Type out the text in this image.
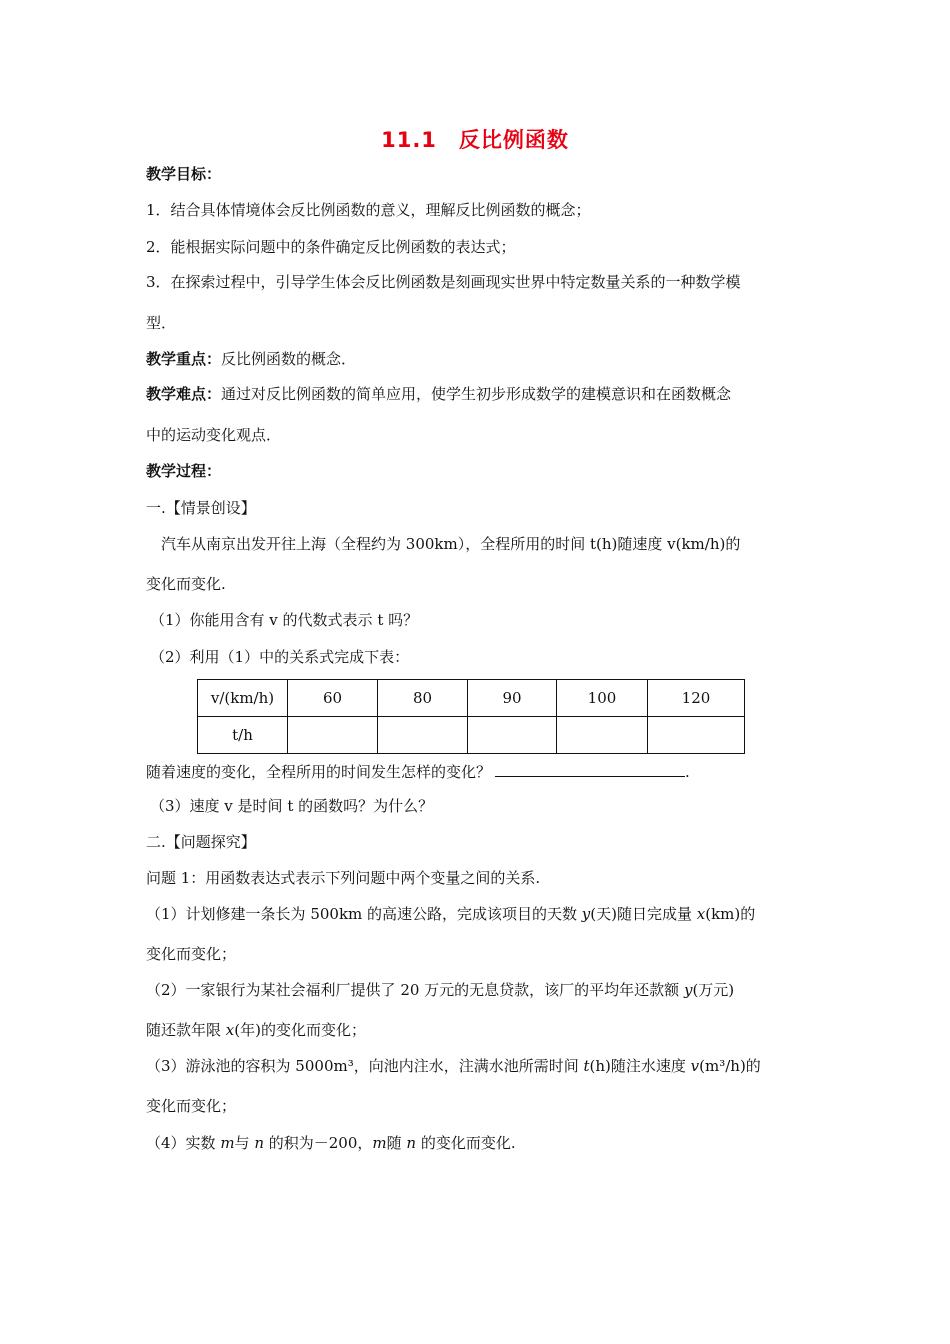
11.1　反比例函数
教学目标：
1．结合具体情境体会反比例函数的意义，理解反比例函数的概念；
2．能根据实际问题中的条件确定反比例函数的表达式；
3．在探索过程中，引导学生体会反比例函数是刻画现实世界中特定数量关系的一种数学模
型．
教学重点：反比例函数的概念．
教学难点：通过对反比例函数的简单应用，使学生初步形成数学的建模意识和在函数概念
中的运动变化观点．
教学过程：
一.【情景创设】
汽车从南京出发开往上海（全程约为 300km），全程所用的时间 t(h)随速度 v(km/h)的
变化而变化.
（1）你能用含有 v 的代数式表示 t 吗？
（2）利用（1）中的关系式完成下表：
v/(km/h)	60	80	90	100	120
t/h					
随着速度的变化，全程所用的时间发生怎样的变化？	.
（3）速度 v 是时间 t 的函数吗？为什么？
二.【问题探究】
问题 1：用函数表达式表示下列问题中两个变量之间的关系.
（1）计划修建一条长为 500km 的高速公路，完成该项目的天数 y(天)随日完成量 x(km)的
变化而变化；
（2）一家银行为某社会福利厂提供了 20 万元的无息贷款，该厂的平均年还款额 y(万元)
随还款年限 x(年)的变化而变化；
（3）游泳池的容积为 5000m³，向池内注水，注满水池所需时间 t(h)随注水速度 v(m³/h)的
变化而变化；
（4）实数 m与 n 的积为－200，m随 n 的变化而变化.
